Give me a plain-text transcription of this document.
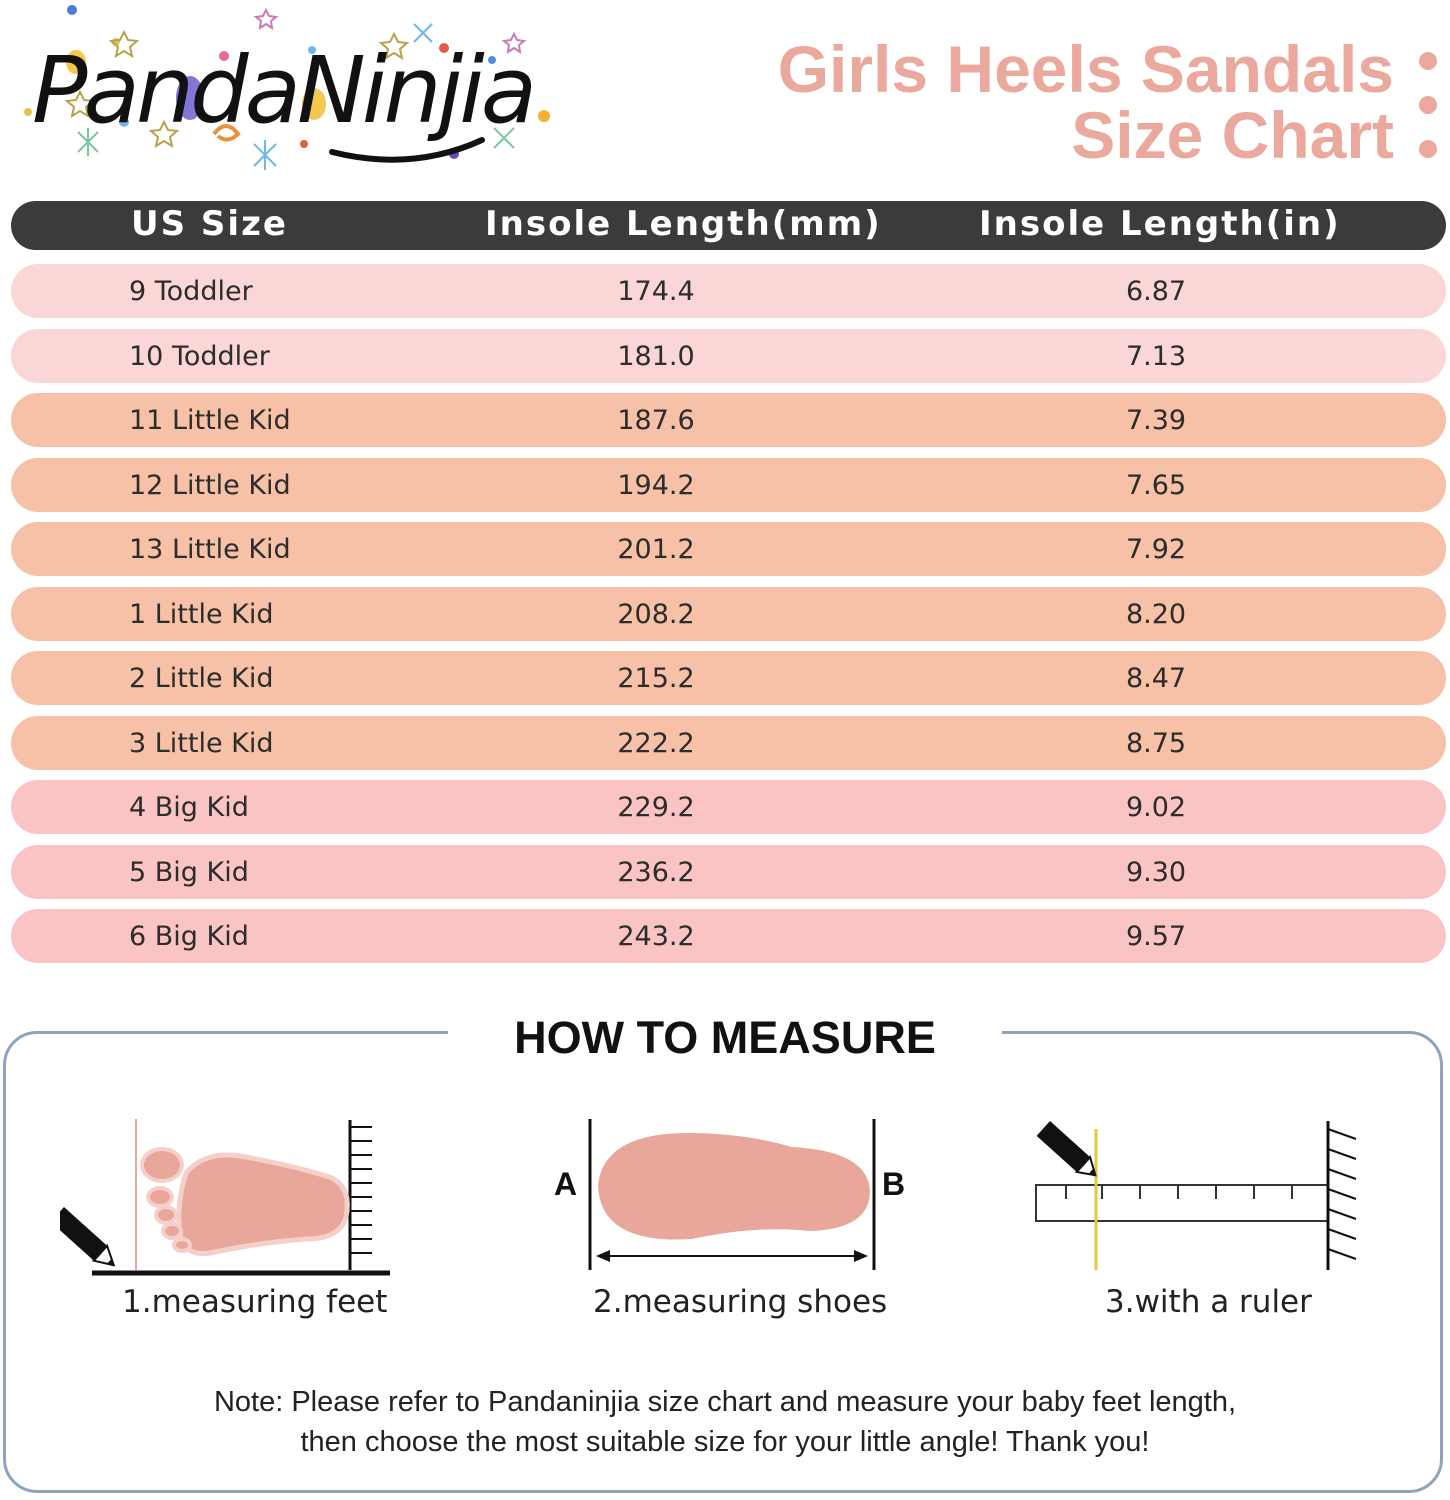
PandaNinjia	Girls Heels Sandals
Size Chart
US Size	Insole Length(mm)	Insole Length(in)
9 Toddler	174.4	6.87
10 Toddler	181.0	7.13
11 Little Kid	187.6	7.39
12 Little Kid	194.2	7.65
13 Little Kid	201.2	7.92
1 Little Kid	208.2	8.20
2 Little Kid	215.2	8.47
3 Little Kid	222.2	8.75
4 Big Kid	229.2	9.02
5 Big Kid	236.2	9.30
6 Big Kid	243.2	9.57
HOW TO MEASURE
A	B
1.measuring feet	2.measuring shoes	3.with a ruler
Note: Please refer to Pandaninjia size chart and measure your baby feet length,
then choose the most suitable size for your little angle! Thank you!
